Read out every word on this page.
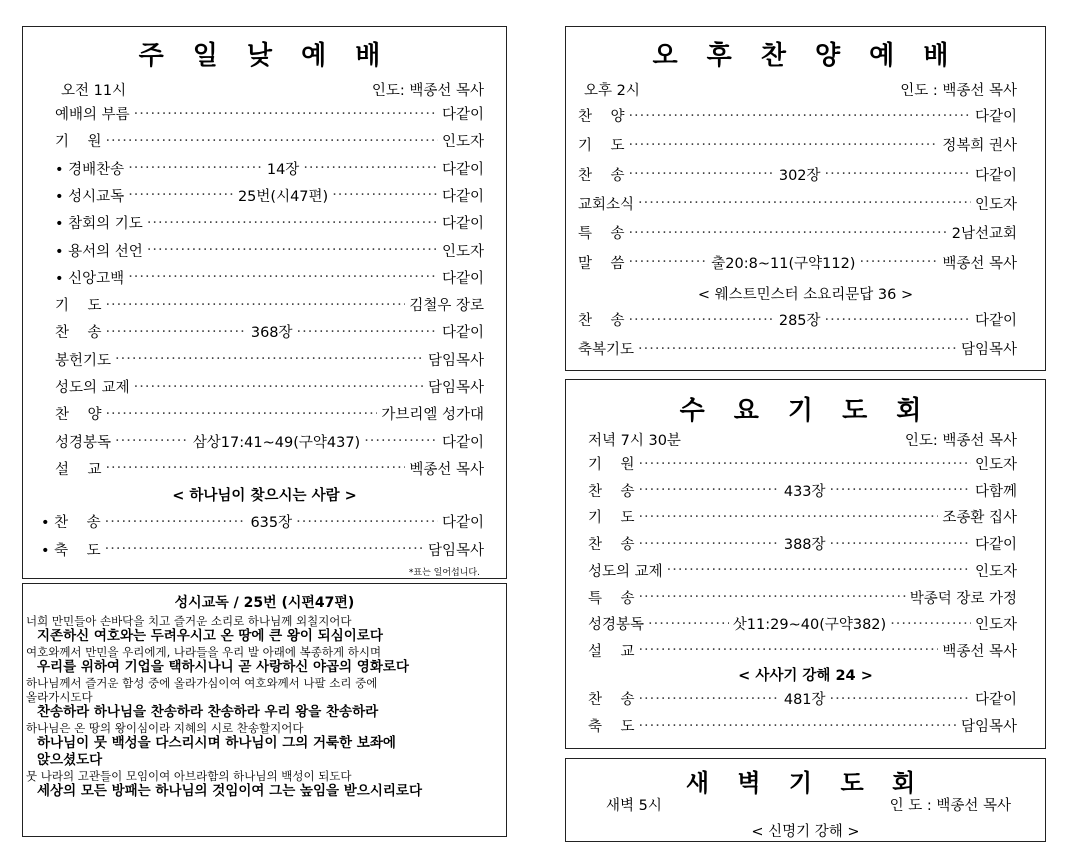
주 일 낮 예 배
오전 11시	인도: 백종선 목사
예배의 부름 ·····	다같이
기    원 ·····	인도자
• 경배찬송 ·····	14장 ·····	다같이
• 성시교독 ·····	25번(시47편) ·····	다같이
• 참회의 기도 ·····	다같이
• 용서의 선언 ·····	인도자
• 신앙고백 ·····	다같이
기    도 ·····	김철우 장로
찬    송 ·····	368장 ·····	다같이
봉헌기도 ·····	담임목사
성도의 교제 ·····	담임목사
찬    양 ·····	가브리엘 성가대
성경봉독 ·····	삼상17:41~49(구약437) ·····	다같이
설    교 ·····	벡종선 목사
< 하나님이 찾으시는 사람 >
• 찬    송 ·····	635장 ·····	다같이
• 축    도 ·····	담임목사
*표는 일어섭니다.
성시교독 / 25번 (시편47편)
너희 만민들아 손바닥을 치고 즐거운 소리로 하나님께 외칠지어다
지존하신 여호와는 두려우시고 온 땅에 큰 왕이 되심이로다
여호와께서 만민을 우리에게, 나라들을 우리 발 아래에 복종하게 하시며
우리를 위하여 기업을 택하시나니 곧 사랑하신 야곱의 영화로다
하나님께서 즐거운 함성 중에 올라가심이여 여호와께서 나팔 소리 중에
올라가시도다
찬송하라 하나님을 찬송하라 찬송하라 우리 왕을 찬송하라
하나님은 온 땅의 왕이심이라 지혜의 시로 찬송할지어다
하나님이 뭇 백성을 다스리시며 하나님이 그의 거룩한 보좌에
앉으셨도다
뭇 나라의 고관들이 모임이여 아브라함의 하나님의 백성이 되도다
세상의 모든 방패는 하나님의 것임이여 그는 높임을 받으시리로다
오 후 찬 양 예 배
오후 2시	인도 : 백종선 목사
찬    양 ·····	다같이
기    도 ·····	정복희 권사
찬    송 ·····	302장 ·····	다같이
교회소식 ·····	인도자
특    송 ·····	2남선교회
말    씀 ·····	출20:8~11(구약112) ·····	백종선 목사
< 웨스트민스터 소요리문답 36 >
찬    송 ·····	285장 ·····	다같이
축복기도 ·····	담임목사
수 요 기 도 회
저녁 7시 30분	인도: 백종선 목사
기    원 ·····	인도자
찬    송 ·····	433장 ·····	다함께
기    도 ·····	조종환 집사
찬    송 ·····	388장 ·····	다같이
성도의 교제 ·····	인도자
특    송 ·····	박종덕 장로 가정
성경봉독 ·····	삿11:29~40(구약382) ·····	인도자
설    교 ·····	백종선 목사
< 사사기 강해 24 >
찬    송 ·····	481장 ·····	다같이
축    도 ·····	담임목사
새 벽 기 도 회
새벽 5시	인 도 : 백종선 목사
< 신명기 강해 >
